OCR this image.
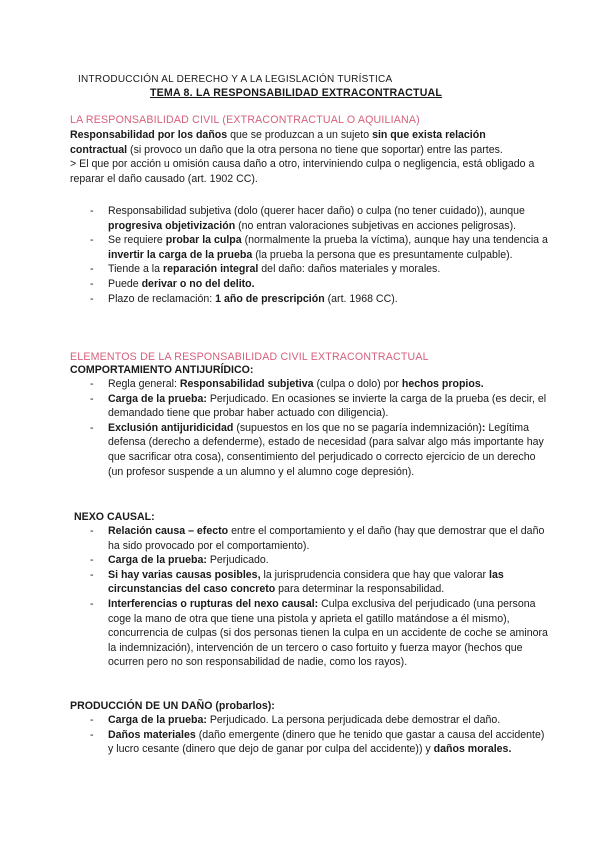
INTRODUCCIÓN AL DERECHO Y A LA LEGISLACIÓN TURÍSTICA
TEMA 8. LA RESPONSABILIDAD EXTRACONTRACTUAL
LA RESPONSABILIDAD CIVIL (EXTRACONTRACTUAL O AQUILIANA)

Responsabilidad por los daños que se produzcan a un sujeto sin que exista relación contractual (si provoco un daño que la otra persona no tiene que soportar) entre las partes.

> El que por acción u omisión causa daño a otro, interviniendo culpa o negligencia, está obligado a reparar el daño causado (art. 1902 CC).

- Responsabilidad subjetiva (dolo (querer hacer daño) o culpa (no tener cuidado)), aunque progresiva objetivización (no entran valoraciones subjetivas en acciones peligrosas).
- Se requiere probar la culpa (normalmente la prueba la víctima), aunque hay una tendencia a invertir la carga de la prueba (la prueba la persona que es presuntamente culpable).
- Tiende a la reparación integral del daño: daños materiales y morales.
- Puede derivar o no del delito.
- Plazo de reclamación: 1 año de prescripción (art. 1968 CC).
ELEMENTOS DE LA RESPONSABILIDAD CIVIL EXTRACONTRACTUAL
COMPORTAMIENTO ANTIJURÍDICO:
- Regla general: Responsabilidad subjetiva (culpa o dolo) por hechos propios.
- Carga de la prueba: Perjudicado. En ocasiones se invierte la carga de la prueba (es decir, el demandado tiene que probar haber actuado con diligencia).
- Exclusión antijuridicidad (supuestos en los que no se pagaría indemnización): Legítima defensa (derecho a defenderme), estado de necesidad (para salvar algo más importante hay que sacrificar otra cosa), consentimiento del perjudicado o correcto ejercicio de un derecho (un profesor suspende a un alumno y el alumno coge depresión).
NEXO CAUSAL:
- Relación causa – efecto entre el comportamiento y el daño (hay que demostrar que el daño ha sido provocado por el comportamiento).
- Carga de la prueba: Perjudicado.
- Si hay varias causas posibles, la jurisprudencia considera que hay que valorar las circunstancias del caso concreto para determinar la responsabilidad.
- Interferencias o rupturas del nexo causal: Culpa exclusiva del perjudicado (una persona coge la mano de otra que tiene una pistola y aprieta el gatillo matándose a él mismo), concurrencia de culpas (si dos personas tienen la culpa en un accidente de coche se aminora la indemnización), intervención de un tercero o caso fortuito y fuerza mayor (hechos que ocurren pero no son responsabilidad de nadie, como los rayos).
PRODUCCIÓN DE UN DAÑO (probarlos):
- Carga de la prueba: Perjudicado. La persona perjudicada debe demostrar el daño.
- Daños materiales (daño emergente (dinero que he tenido que gastar a causa del accidente) y lucro cesante (dinero que dejo de ganar por culpa del accidente)) y daños morales.
